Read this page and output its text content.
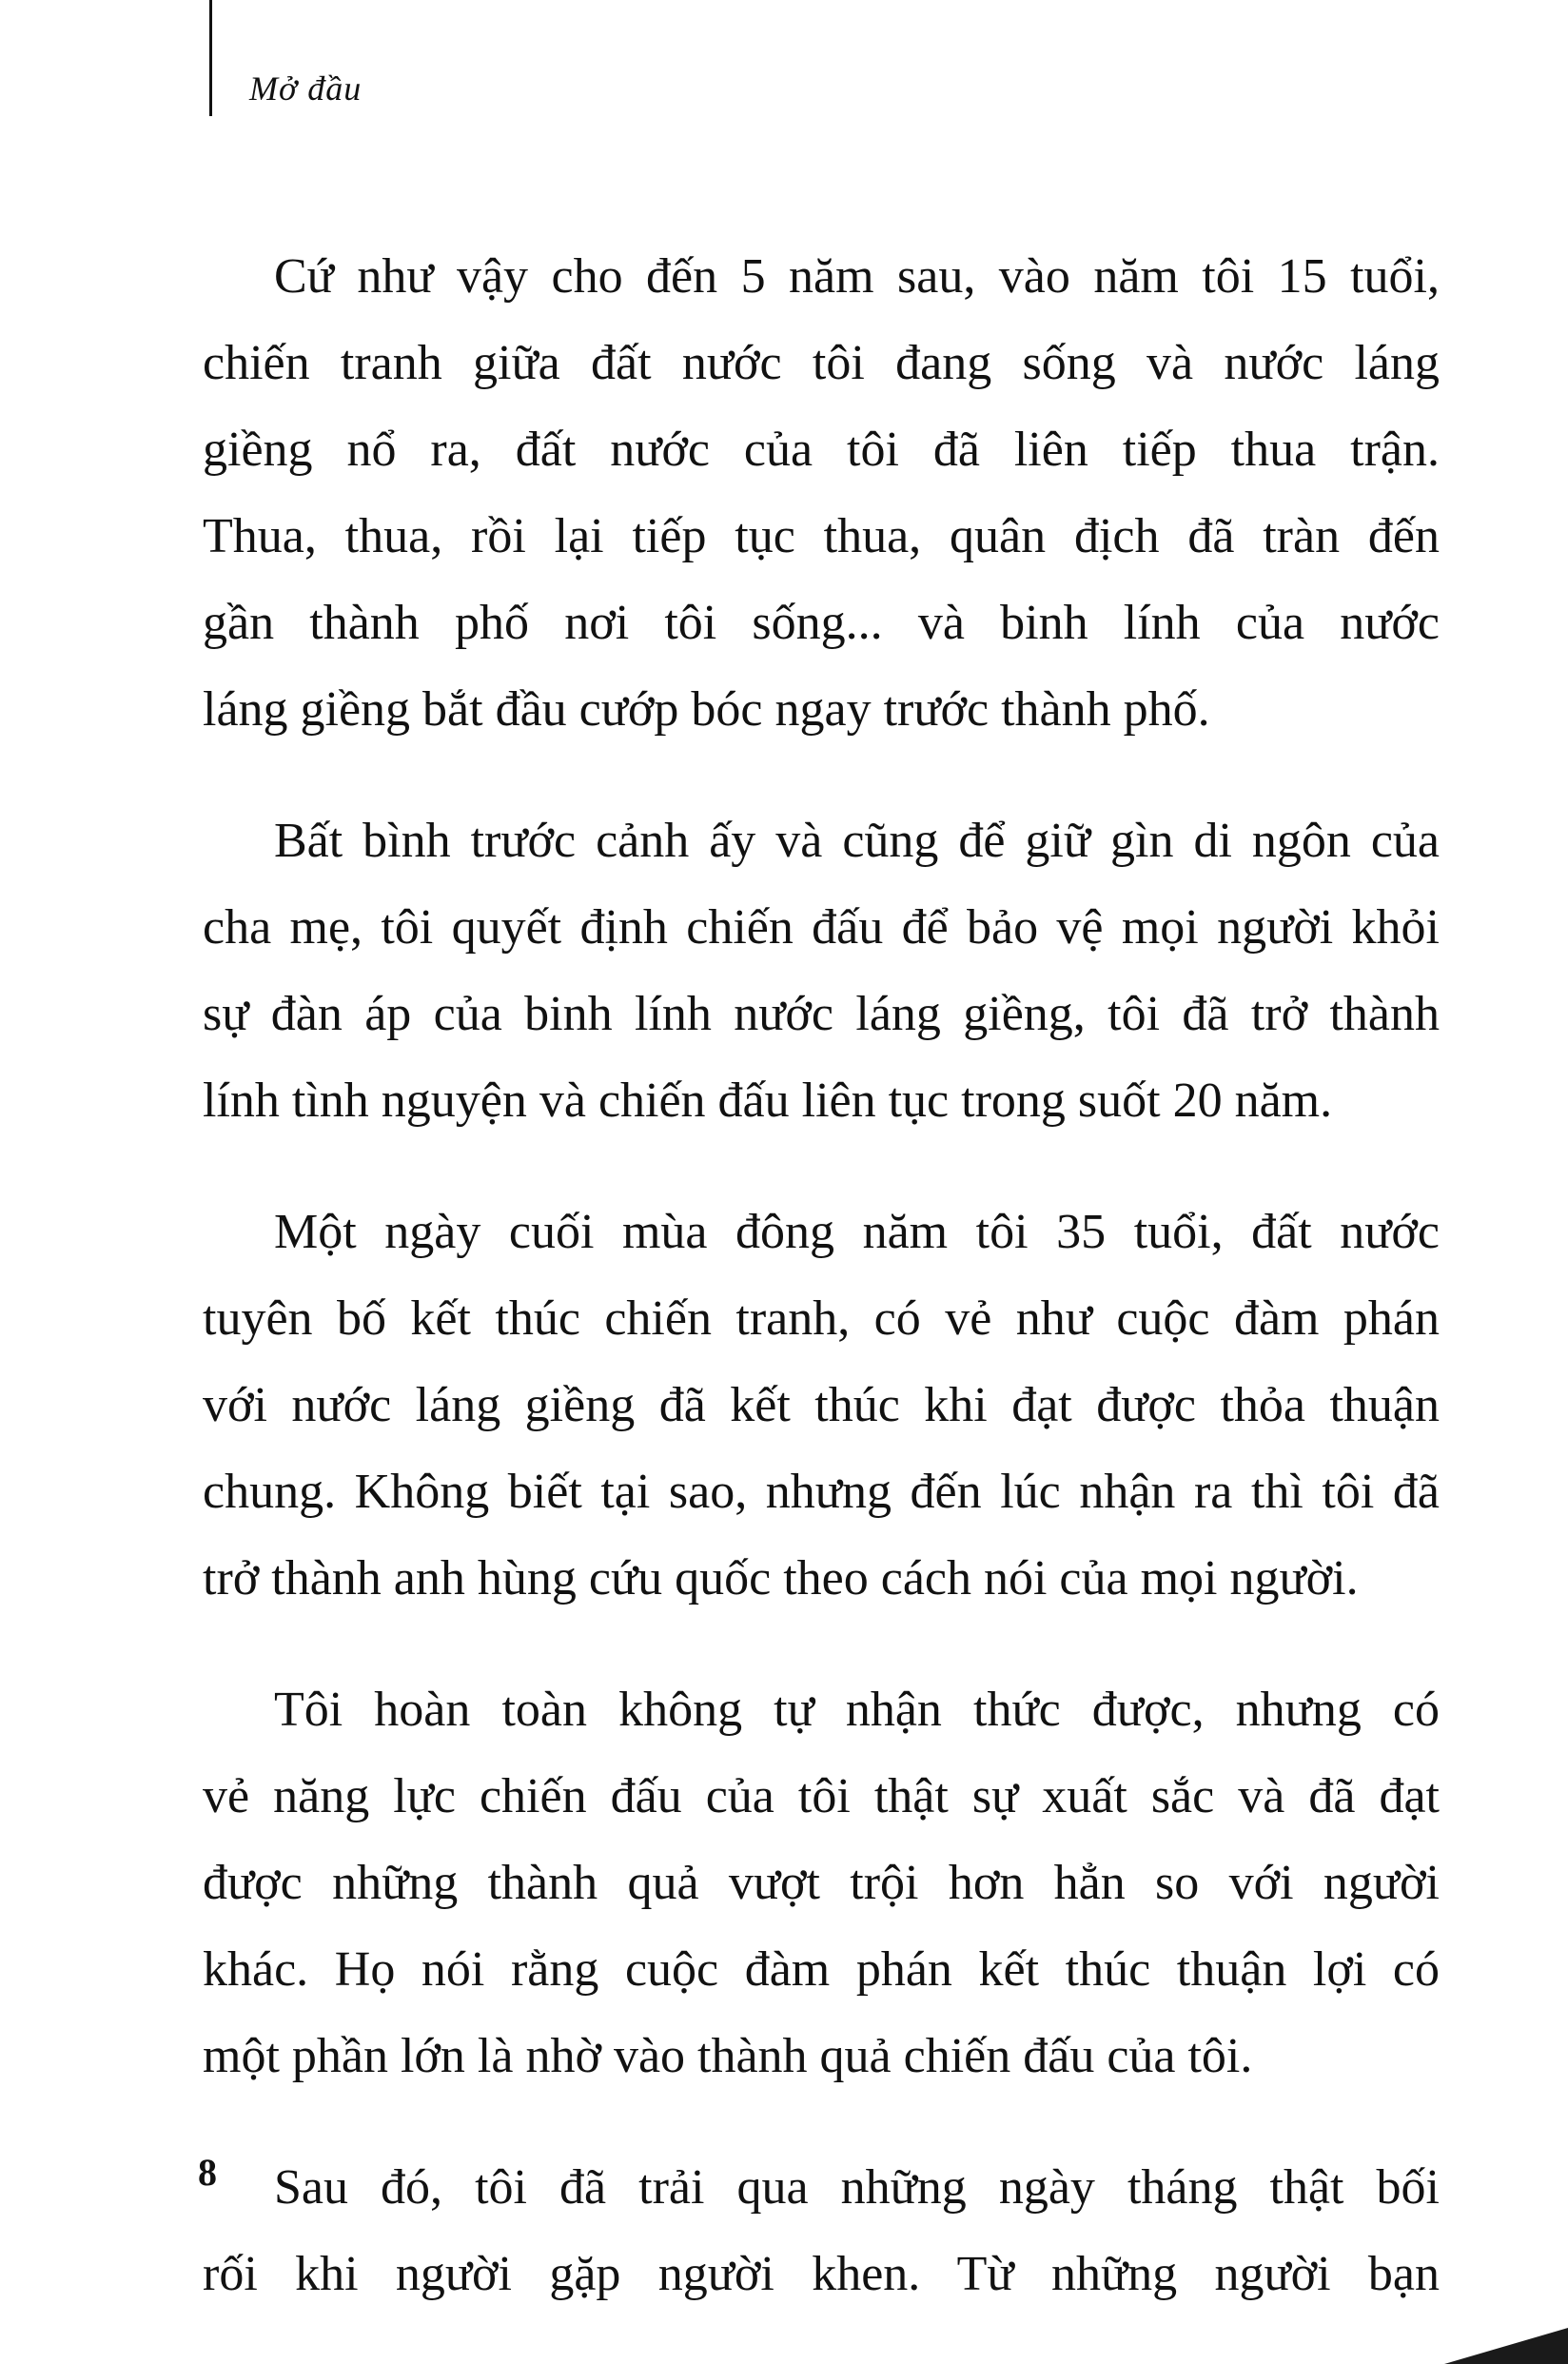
Mở đầu

Cứ như vậy cho đến 5 năm sau, vào năm tôi 15 tuổi,
chiến tranh giữa đất nước tôi đang sống và nước láng
giềng nổ ra, đất nước của tôi đã liên tiếp thua trận.
Thua, thua, rồi lại tiếp tục thua, quân địch đã tràn đến
gần thành phố nơi tôi sống... và binh lính của nước
láng giềng bắt đầu cướp bóc ngay trước thành phố.

Bất bình trước cảnh ấy và cũng để giữ gìn di ngôn của
cha mẹ, tôi quyết định chiến đấu để bảo vệ mọi người khỏi
sự đàn áp của binh lính nước láng giềng, tôi đã trở thành
lính tình nguyện và chiến đấu liên tục trong suốt 20 năm.

Một ngày cuối mùa đông năm tôi 35 tuổi, đất nước
tuyên bố kết thúc chiến tranh, có vẻ như cuộc đàm phán
với nước láng giềng đã kết thúc khi đạt được thỏa thuận
chung. Không biết tại sao, nhưng đến lúc nhận ra thì tôi đã
trở thành anh hùng cứu quốc theo cách nói của mọi người.

Tôi hoàn toàn không tự nhận thức được, nhưng có
vẻ năng lực chiến đấu của tôi thật sự xuất sắc và đã đạt
được những thành quả vượt trội hơn hẳn so với người
khác. Họ nói rằng cuộc đàm phán kết thúc thuận lợi có
một phần lớn là nhờ vào thành quả chiến đấu của tôi.

Sau đó, tôi đã trải qua những ngày tháng thật bối
rối khi người gặp người khen. Từ những người bạn

8
